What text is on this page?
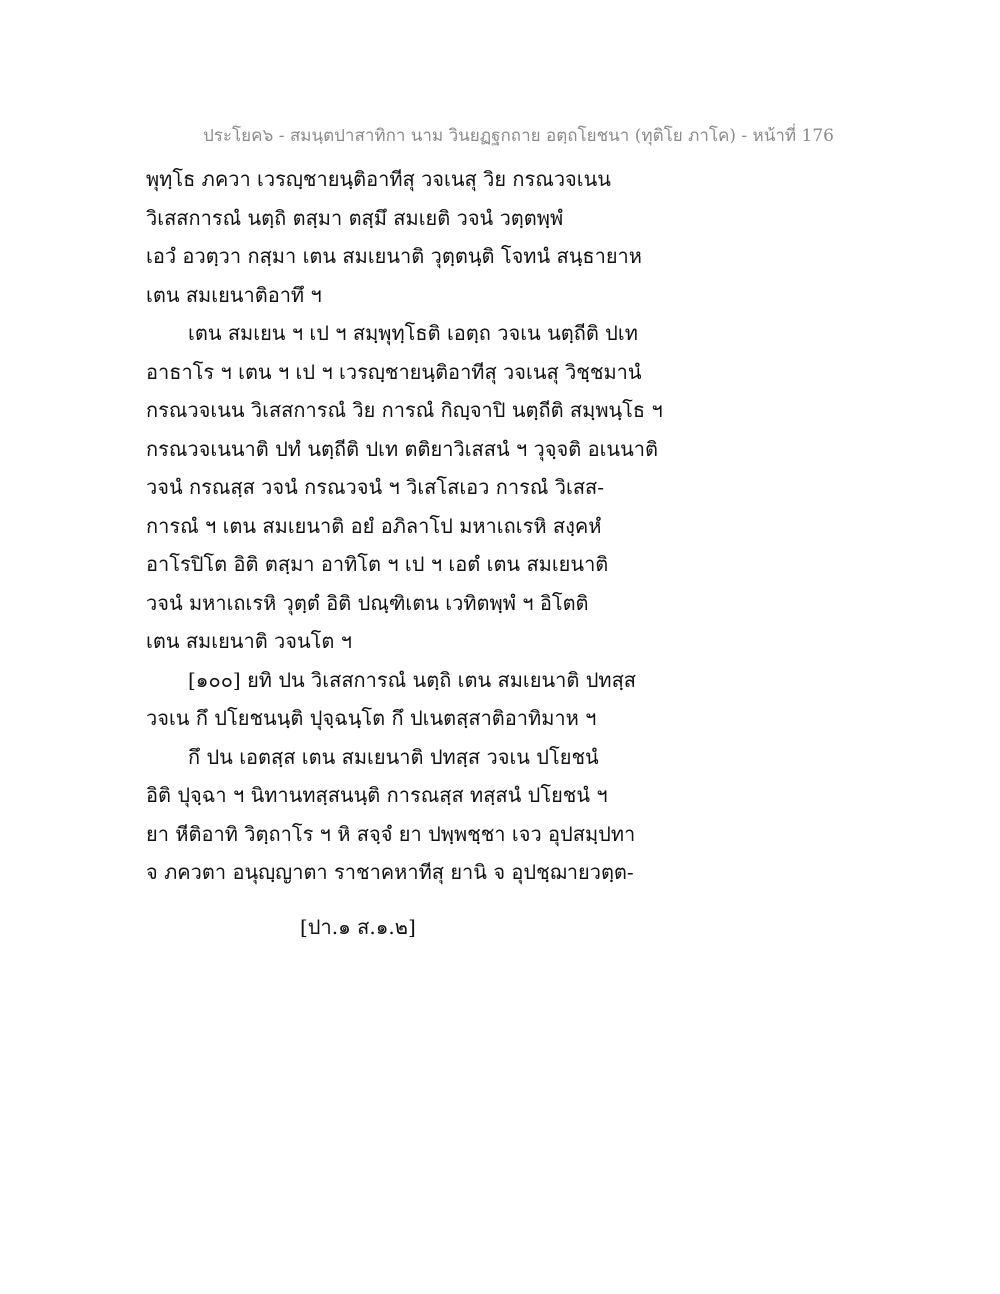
ประโยค๖ - สมนฺตปาสาทิกา นาม วินยฏฐกถาย อตฺถโยชนา (ทุติโย ภาโค) - หน้าที่ 176
พุทฺโธ ภควา เวรญฺชายนฺติอาทีสุ วจเนสุ วิย กรณวจเนน
วิเสสการณํ นตฺถิ ตสฺมา ตสฺมึ สมเยติ วจนํ วตฺตพฺพํ
เอวํ อวตฺวา กสฺมา เตน สมเยนาติ วุตฺตนฺติ โจทนํ สนฺธายาห
เตน สมเยนาติอาทึ ฯ
เตน สมเยน ฯ เป ฯ สมฺพุทฺโธติ เอตฺถ วจเน นตฺถีติ ปเท
อาธาโร ฯ เตน ฯ เป ฯ เวรญฺชายนฺติอาทีสุ วจเนสุ วิชฺชมานํ
กรณวจเนน วิเสสการณํ วิย การณํ กิญฺจาปิ นตฺถีติ สมฺพนฺโธ ฯ
กรณวจเนนาติ ปทํ นตฺถีติ ปเท ตติยาวิเสสนํ ฯ วุจฺจติ อเนนาติ
วจนํ กรณสฺส วจนํ กรณวจนํ ฯ วิเสโสเอว การณํ วิเสส-
การณํ ฯ เตน สมเยนาติ อยํ อภิลาโป มหาเถเรหิ สงฺคหํ
อาโรปิโต อิติ ตสฺมา อาทิโต ฯ เป ฯ เอตํ เตน สมเยนาติ
วจนํ มหาเถเรหิ วุตฺตํ อิติ ปณฺฑิเตน เวทิตพฺพํ ฯ อิโตติ
เตน สมเยนาติ วจนโต ฯ
[๑๐๐] ยทิ ปน วิเสสการณํ นตฺถิ เตน สมเยนาติ ปทสฺส
วจเน กึ ปโยชนนฺติ ปุจฺฉนฺโต กึ ปเนตสฺสาติอาทิมาห ฯ
กึ ปน เอตสฺส เตน สมเยนาติ ปทสฺส วจเน ปโยชนํ
อิติ ปุจฺฉา ฯ นิทานทสฺสนนฺติ การณสฺส ทสฺสนํ ปโยชนํ ฯ
ยา หีติอาทิ วิตฺถาโร ฯ หิ สจฺจํ ยา ปพฺพชฺชา เจว อุปสมฺปทา
จ ภควตา อนุญฺญาตา ราชาคหาทีสุ ยานิ จ อุปชฺฌายวตฺต-
[ปา.๑ ส.๑.๒]
